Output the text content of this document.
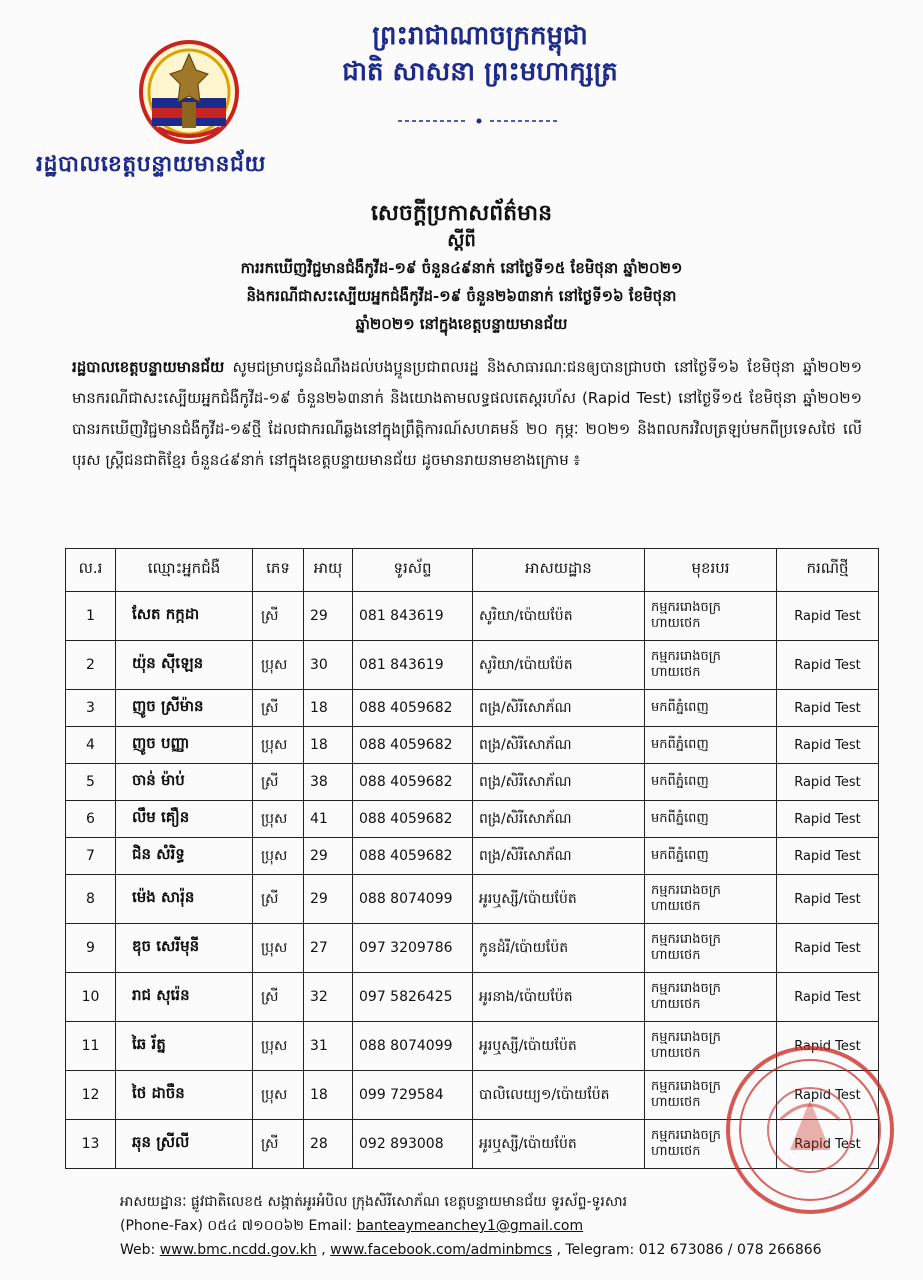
រដ្ឋបាលខេត្តបន្ទាយមានជ័យ
ព្រះរាជាណាចក្រកម្ពុជា
ជាតិ សាសនា ព្រះមហាក្សត្រ
សេចក្តីប្រកាសព័ត៌មាន
ស្តីពី
ការរកឃើញវិជ្ជមានជំងឺកូវីដ-១៩ ចំនួន៤៩នាក់ នៅថ្ងៃទី១៥ ខែមិថុនា ឆ្នាំ២០២១
និងករណីជាសះស្បើយអ្នកជំងឺកូវីដ-១៩ ចំនួន២៦៣នាក់ នៅថ្ងៃទី១៦ ខែមិថុនា
ឆ្នាំ២០២១ នៅក្នុងខេត្តបន្ទាយមានជ័យ
រដ្ឋបាលខេត្តបន្ទាយមានជ័យ សូមជម្រាបជូនដំណឹងដល់បងប្អូនប្រជាពលរដ្ឋ និងសាធារណៈជនឲ្យបានជ្រាបថា នៅថ្ងៃទី១៦ ខែមិថុនា ឆ្នាំ២០២១ មានករណីជាសះស្បើយអ្នកជំងឺកូវីដ-១៩ ចំនួន២៦៣នាក់ និងយោងតាមលទ្ធផលតេស្តរហ័ស (Rapid Test) នៅថ្ងៃទី១៥ ខែមិថុនា ឆ្នាំ២០២១ បានរកឃើញវិជ្ជមានជំងឺកូវីដ-១៩ថ្មី ដែលជាករណីឆ្លងនៅក្នុងព្រឹត្តិការណ៍សហគមន៍ ២០ កុម្ភៈ ២០២១ និងពលករវិលត្រឡប់មកពីប្រទេសថៃ លើបុរស ស្ត្រីជនជាតិខ្មែរ ចំនួន៤៩នាក់ នៅក្នុងខេត្តបន្ទាយមានជ័យ ដូចមានរាយនាមខាងក្រោម ៖
ល.រ	ឈ្មោះអ្នកជំងឺ	ភេទ	អាយុ	ទូរស័ព្ទ	អាសយដ្ឋាន	មុខរបរ	ករណីថ្មី
1	សែត កក្កដា	ស្រី	29	081 843619	សូរិយា/ប៉ោយប៉ែត	កម្មកររោងចក្រ ហាយថេក	Rapid Test
2	យ៉ុន ស៊ីឡេន	ប្រុស	30	081 843619	សូរិយា/ប៉ោយប៉ែត	កម្មកររោងចក្រ ហាយថេក	Rapid Test
3	ញូច ស្រីម៉ាន	ស្រី	18	088 4059682	ពង្រ/សិរីសោភ័ណ	មកពីភ្នំពេញ	Rapid Test
4	ញូច បញ្ញា	ប្រុស	18	088 4059682	ពង្រ/សិរីសោភ័ណ	មកពីភ្នំពេញ	Rapid Test
5	ចាន់ ម៉ាប់	ស្រី	38	088 4059682	ពង្រ/សិរីសោភ័ណ	មកពីភ្នំពេញ	Rapid Test
6	លឹម គឿន	ប្រុស	41	088 4059682	ពង្រ/សិរីសោភ័ណ	មកពីភ្នំពេញ	Rapid Test
7	ជិន សំរិទ្ធ	ប្រុស	29	088 4059682	ពង្រ/សិរីសោភ័ណ	មកពីភ្នំពេញ	Rapid Test
8	ម៉េង សារ៉ុន	ស្រី	29	088 8074099	អូរឬស្សី/ប៉ោយប៉ែត	កម្មកររោងចក្រ ហាយថេក	Rapid Test
9	ឌុច សេរីមុនី	ប្រុស	27	097 3209786	កូនដំរី/ប៉ោយប៉ែត	កម្មកររោងចក្រ ហាយថេក	Rapid Test
10	រាជ សុរ៉េន	ស្រី	32	097 5826425	អូរនាង/ប៉ោយប៉ែត	កម្មកររោងចក្រ ហាយថេក	Rapid Test
11	ឆៃ រ័ត្ន	ប្រុស	31	088 8074099	អូរឬស្សី/ប៉ោយប៉ែត	កម្មកររោងចក្រ ហាយថេក	Rapid Test
12	ថៃ ដាចឺន	ប្រុស	18	099 729584	បាលិលេយ្យ១/ប៉ោយប៉ែត	កម្មកររោងចក្រ ហាយថេក	Rapid Test
13	ឆុន ស្រីលី	ស្រី	28	092 893008	អូរឬស្សី/ប៉ោយប៉ែត	កម្មកររោងចក្រ ហាយថេក	Rapid Test
អាសយដ្ឋានៈ ផ្លូវជាតិលេខ៥ សង្កាត់អូរអំបិល ក្រុងសិរីសោភ័ណ ខេត្តបន្ទាយមានជ័យ ទូរស័ព្ទ-ទូរសារ
(Phone-Fax) ០៥៤ ៧១០០៦២ Email: banteaymeanchey1@gmail.com
Web: www.bmc.ncdd.gov.kh , www.facebook.com/adminbmcs , Telegram: 012 673086 / 078 266866
